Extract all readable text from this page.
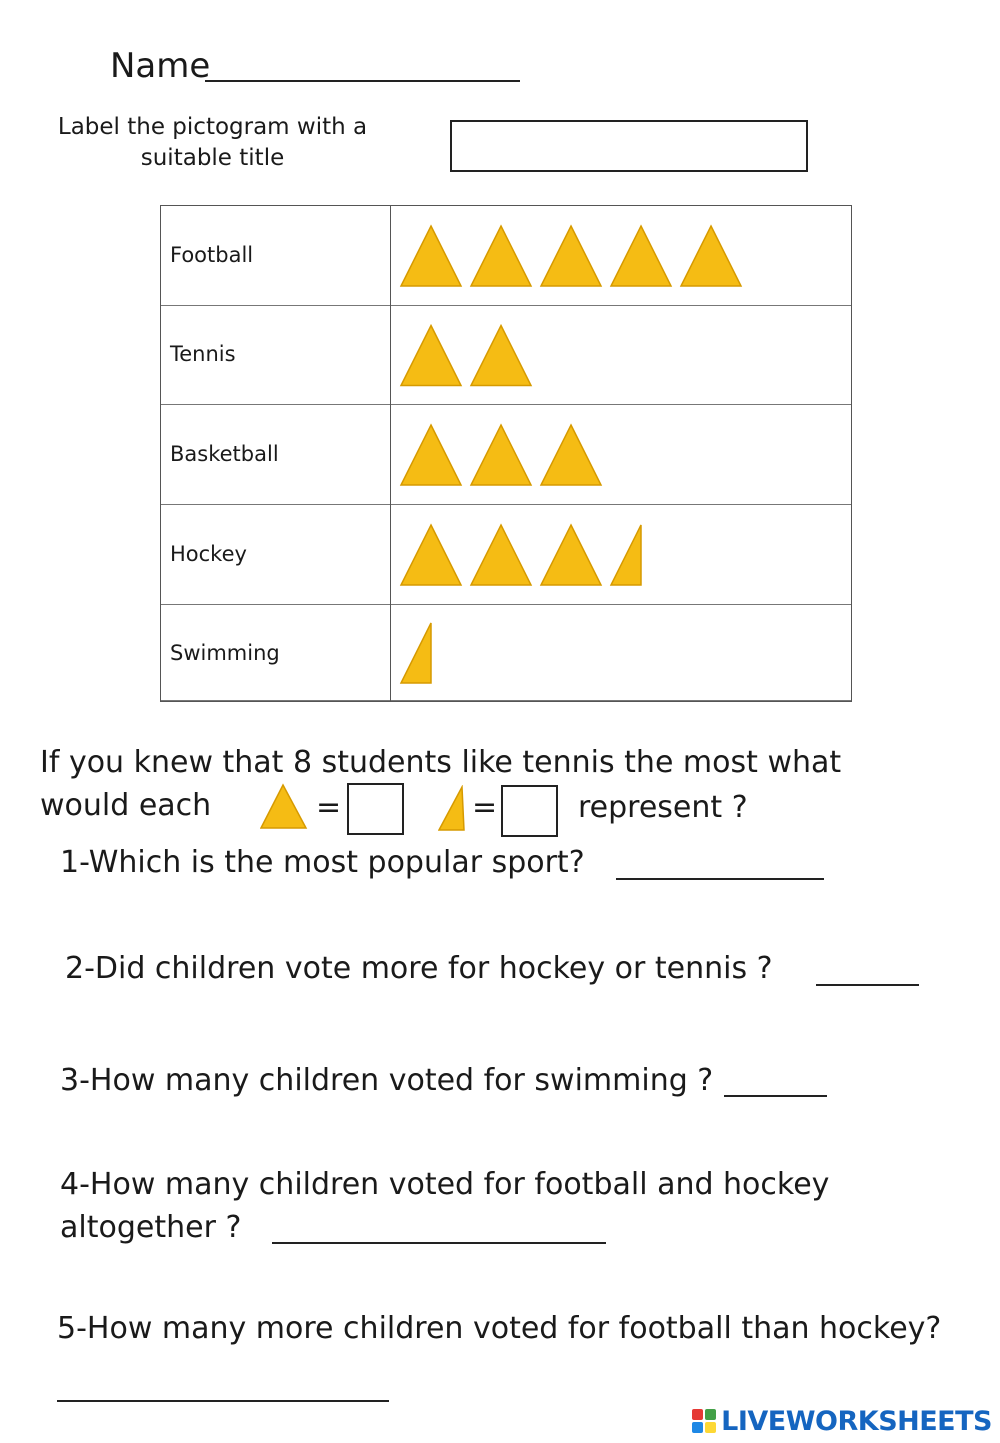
Name
Label the pictogram with a suitable title
Football
Tennis
Basketball
Hockey
Swimming
If you knew that 8 students like tennis the most what
would each	=	=	represent ?
1-Which is the most popular sport?
2-Did children vote more for hockey or tennis ?
3-How many children voted for swimming ?
4-How many children voted for football and hockey
altogether ?
5-How many more children voted for football than hockey?
LIVEWORKSHEETS
